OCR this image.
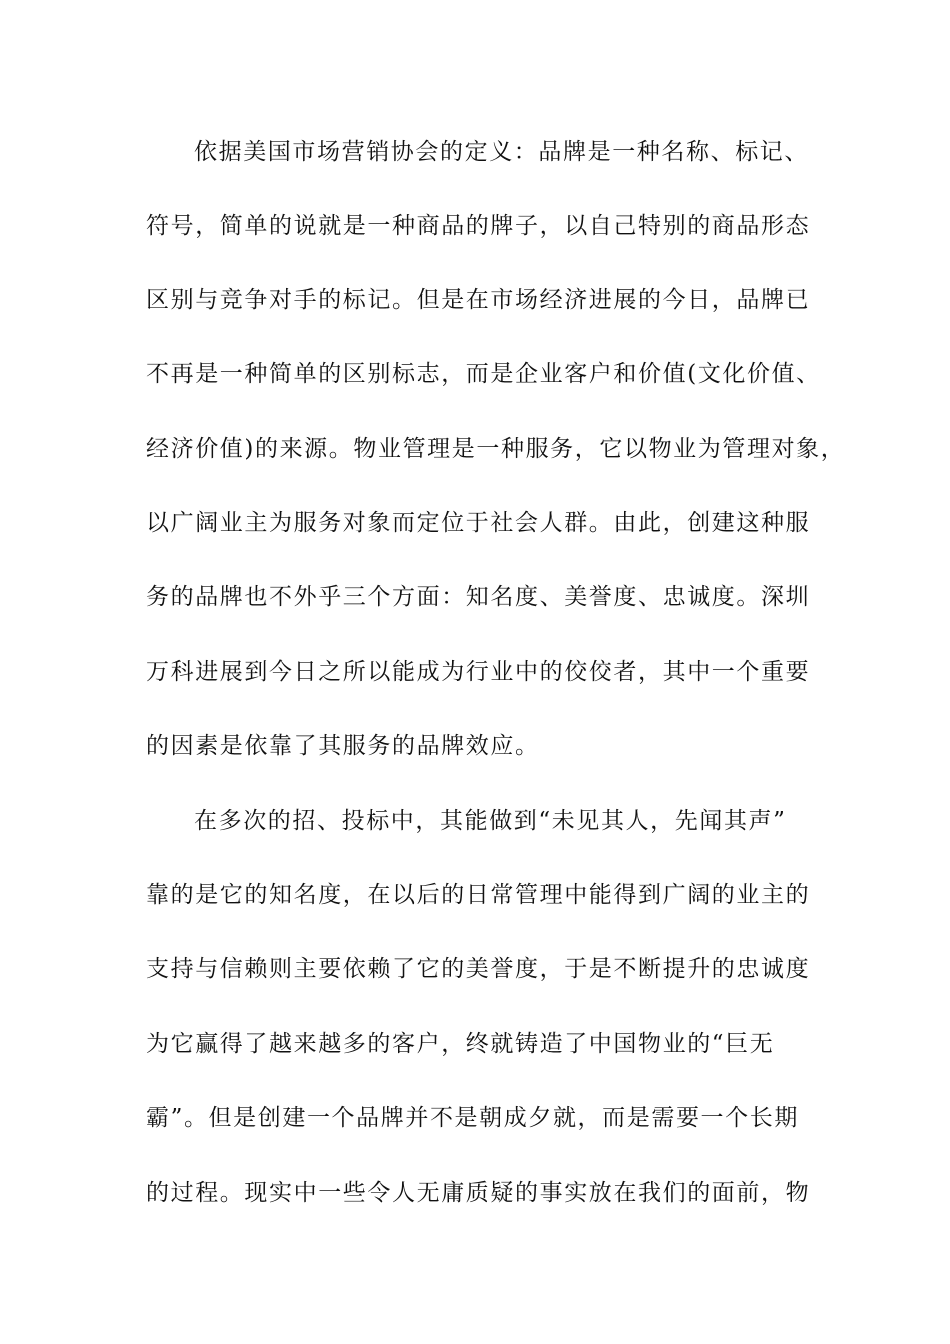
依据美国市场营销协会的定义：品牌是一种名称、标记、
符号，简单的说就是一种商品的牌子，以自己特别的商品形态
区别与竞争对手的标记。但是在市场经济进展的今日，品牌已
不再是一种简单的区别标志，而是企业客户和价值(文化价值、
经济价值)的来源。物业管理是一种服务，它以物业为管理对象，
以广阔业主为服务对象而定位于社会人群。由此，创建这种服
务的品牌也不外乎三个方面：知名度、美誉度、忠诚度。深圳
万科进展到今日之所以能成为行业中的佼佼者，其中一个重要
的因素是依靠了其服务的品牌效应。
在多次的招、投标中，其能做到“未见其人，先闻其声”
靠的是它的知名度，在以后的日常管理中能得到广阔的业主的
支持与信赖则主要依赖了它的美誉度，于是不断提升的忠诚度
为它赢得了越来越多的客户，终就铸造了中国物业的“巨无
霸”。但是创建一个品牌并不是朝成夕就，而是需要一个长期
的过程。现实中一些令人无庸质疑的事实放在我们的面前，物
